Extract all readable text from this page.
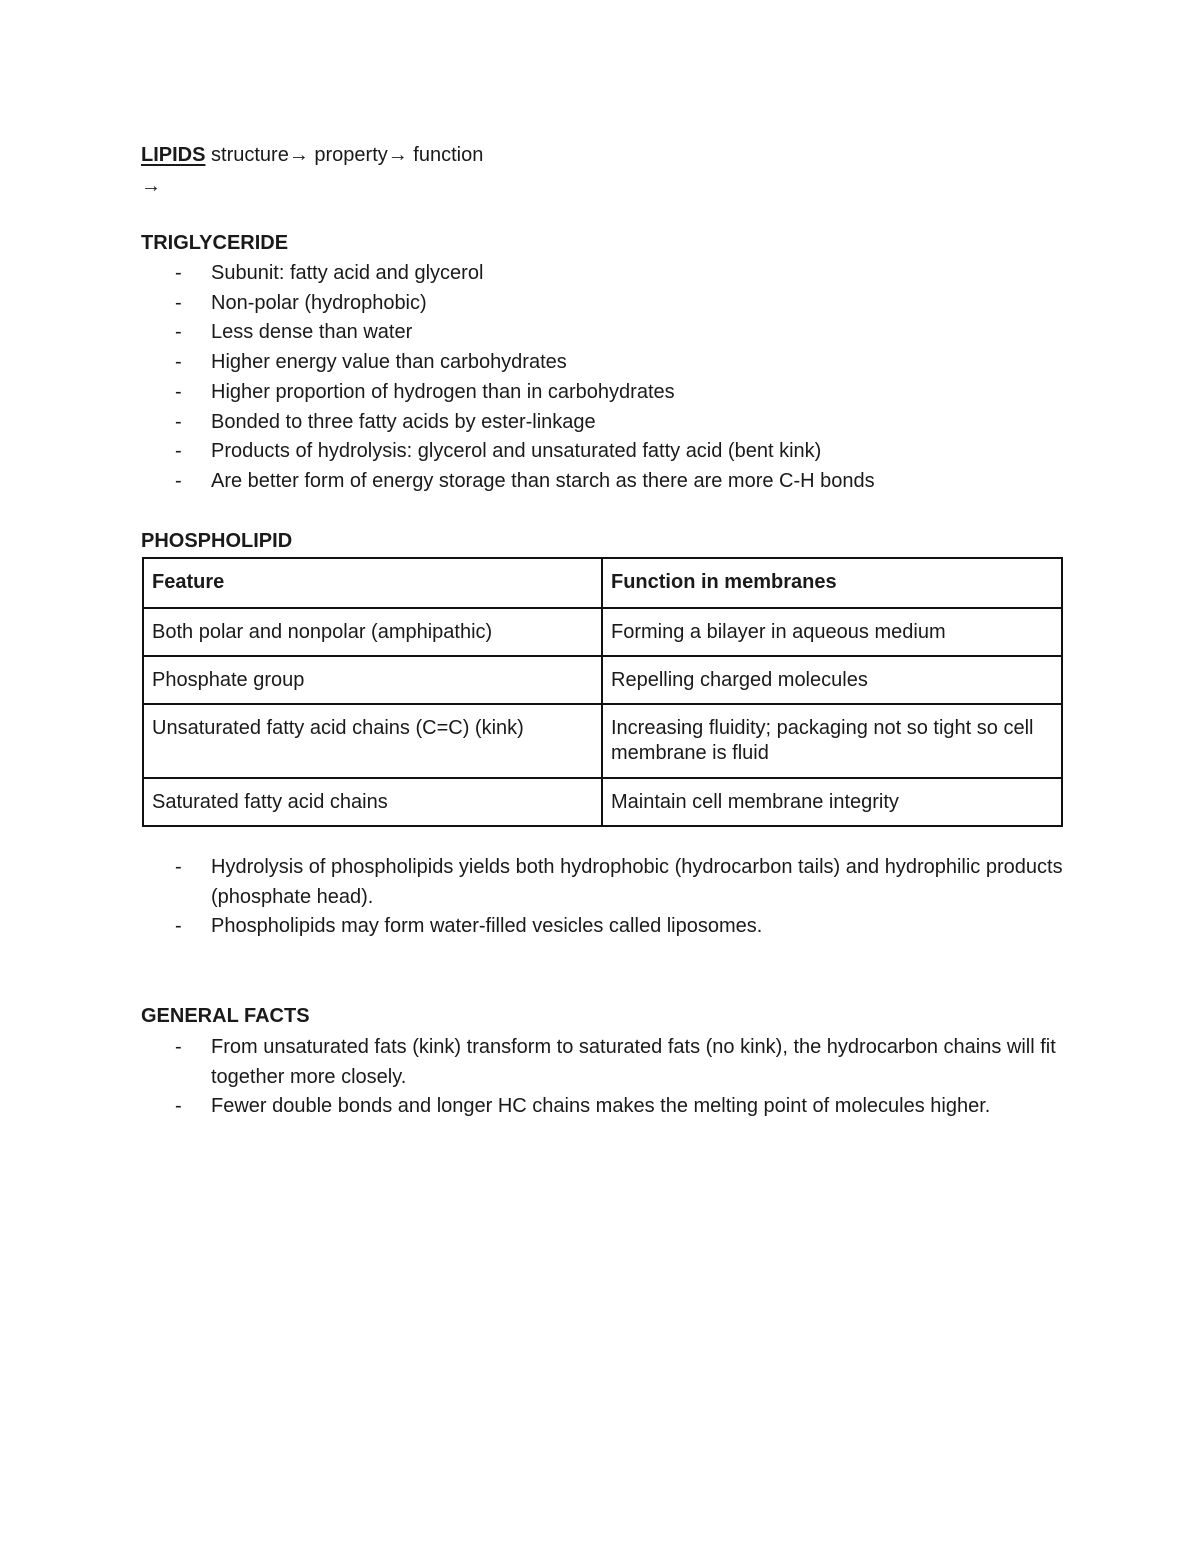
LIPIDS structure→ property→ function
→
TRIGLYCERIDE
- Subunit: fatty acid and glycerol
- Non-polar (hydrophobic)
- Less dense than water
- Higher energy value than carbohydrates
- Higher proportion of hydrogen than in carbohydrates
- Bonded to three fatty acids by ester-linkage
- Products of hydrolysis: glycerol and unsaturated fatty acid (bent kink)
- Are better form of energy storage than starch as there are more C-H bonds
PHOSPHOLIPID
Feature	Function in membranes
Both polar and nonpolar (amphipathic)	Forming a bilayer in aqueous medium
Phosphate group	Repelling charged molecules
Unsaturated fatty acid chains (C=C) (kink)	Increasing fluidity; packaging not so tight so cell membrane is fluid
Saturated fatty acid chains	Maintain cell membrane integrity
- Hydrolysis of phospholipids yields both hydrophobic (hydrocarbon tails) and hydrophilic products (phosphate head).
- Phospholipids may form water-filled vesicles called liposomes.
GENERAL FACTS
- From unsaturated fats (kink) transform to saturated fats (no kink), the hydrocarbon chains will fit together more closely.
- Fewer double bonds and longer HC chains makes the melting point of molecules higher.
